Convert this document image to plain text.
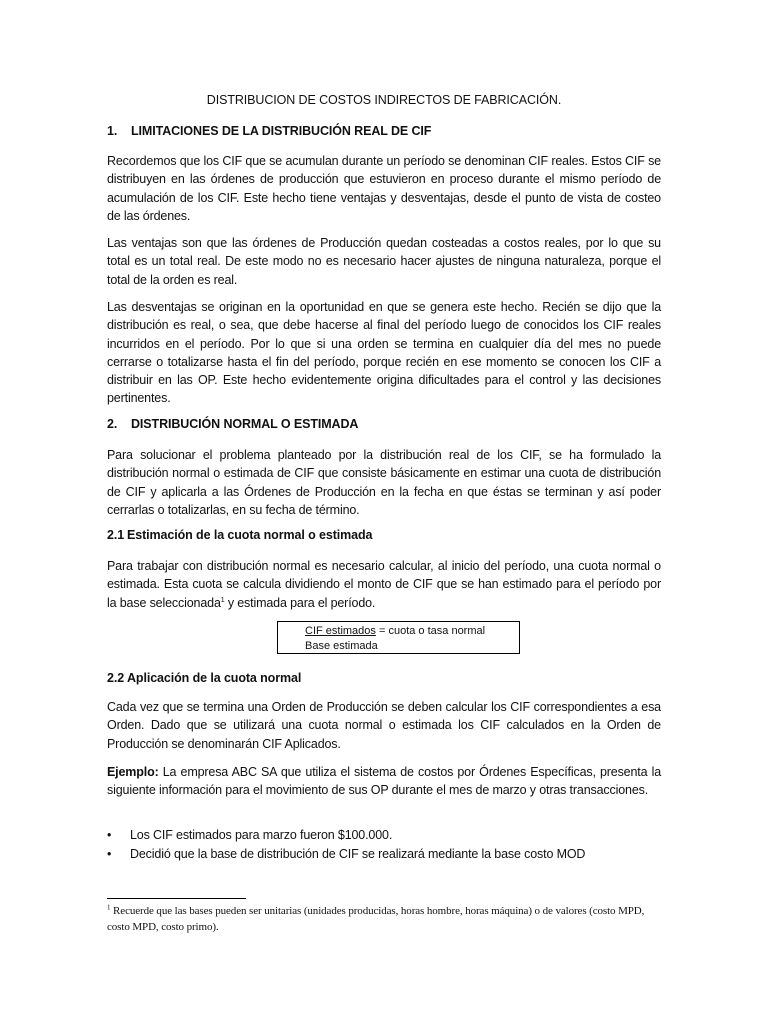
DISTRIBUCION DE COSTOS INDIRECTOS DE FABRICACIÓN.
1. LIMITACIONES DE LA DISTRIBUCIÓN REAL DE CIF
Recordemos que los CIF que se acumulan durante un período se denominan CIF reales. Estos CIF se distribuyen en las órdenes de producción que estuvieron en proceso durante el mismo período de acumulación de los CIF. Este hecho tiene ventajas y desventajas, desde el punto de vista de costeo de las órdenes.
Las ventajas son que las órdenes de Producción quedan costeadas a costos reales, por lo que su total es un total real. De este modo no es necesario hacer ajustes de ninguna naturaleza, porque el total de la orden es real.
Las desventajas se originan en la oportunidad en que se genera este hecho. Recién se dijo que la distribución es real, o sea, que debe hacerse al final del período luego de conocidos los CIF reales incurridos en el período. Por lo que si una orden se termina en cualquier día del mes no puede cerrarse o totalizarse hasta el fin del período, porque recién en ese momento se conocen los CIF a distribuir en las OP. Este hecho evidentemente origina dificultades para el control y las decisiones pertinentes.
2. DISTRIBUCIÓN NORMAL O ESTIMADA
Para solucionar el problema planteado por la distribución real de los CIF, se ha formulado la distribución normal o estimada de CIF que consiste básicamente en estimar una cuota de distribución de CIF y aplicarla a las Órdenes de Producción en la fecha en que éstas se terminan y así poder cerrarlas o totalizarlas, en su fecha de término.
2.1 Estimación de la cuota normal o estimada
Para trabajar con distribución normal es necesario calcular, al inicio del período, una cuota normal o estimada. Esta cuota se calcula dividiendo el monto de CIF que se han estimado para el período por la base seleccionada$^1$ y estimada para el período.
CIF estimados = cuota o tasa normal
Base estimada
2.2 Aplicación de la cuota normal
Cada vez que se termina una Orden de Producción se deben calcular los CIF correspondientes a esa Orden. Dado que se utilizará una cuota normal o estimada los CIF calculados en la Orden de Producción se denominarán CIF Aplicados.
Ejemplo: La empresa ABC SA que utiliza el sistema de costos por Órdenes Específicas, presenta la siguiente información para el movimiento de sus OP durante el mes de marzo y otras transacciones.
• Los CIF estimados para marzo fueron $100.000.
• Decidió que la base de distribución de CIF se realizará mediante la base costo MOD
$^1$ Recuerde que las bases pueden ser unitarias (unidades producidas, horas hombre, horas máquina) o de valores (costo MPD, costo MPD, costo primo).
